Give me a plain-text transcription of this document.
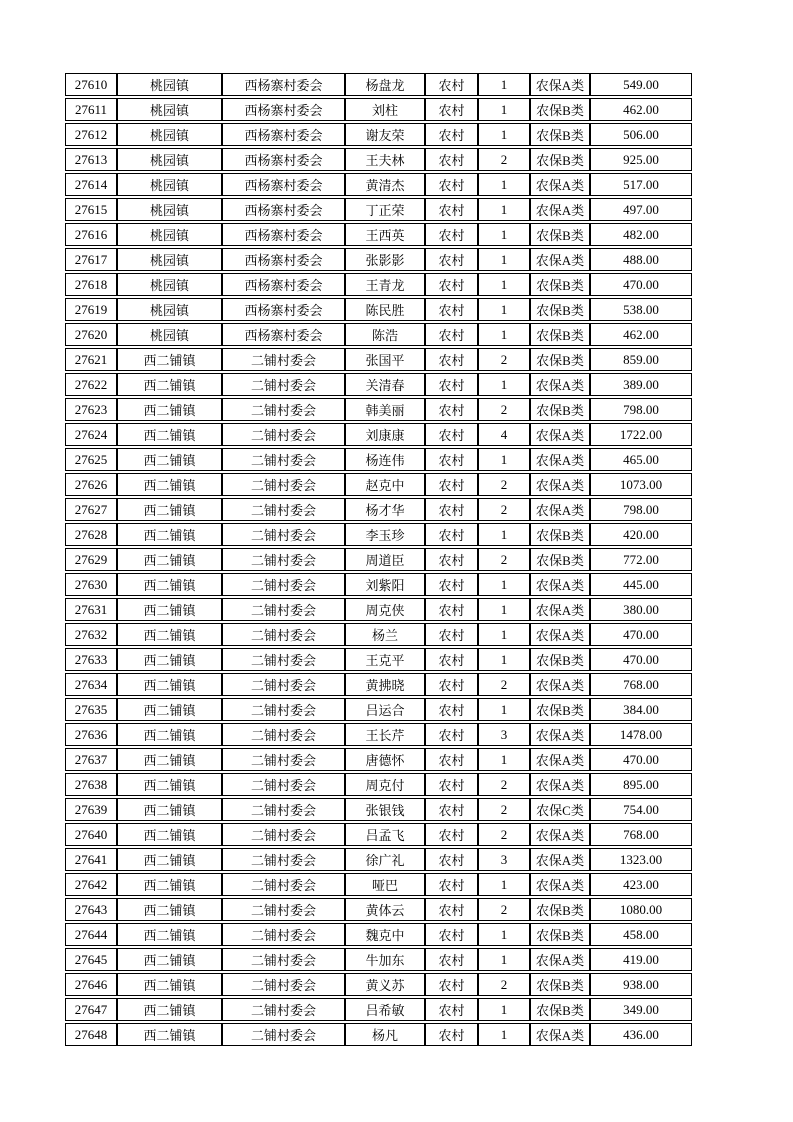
27610	桃园镇	西杨寨村委会	杨盘龙	农村	1	农保A类	549.00
27611	桃园镇	西杨寨村委会	刘柱	农村	1	农保B类	462.00
27612	桃园镇	西杨寨村委会	谢友荣	农村	1	农保B类	506.00
27613	桃园镇	西杨寨村委会	王夫林	农村	2	农保B类	925.00
27614	桃园镇	西杨寨村委会	黄清杰	农村	1	农保A类	517.00
27615	桃园镇	西杨寨村委会	丁正荣	农村	1	农保A类	497.00
27616	桃园镇	西杨寨村委会	王西英	农村	1	农保B类	482.00
27617	桃园镇	西杨寨村委会	张影影	农村	1	农保A类	488.00
27618	桃园镇	西杨寨村委会	王青龙	农村	1	农保B类	470.00
27619	桃园镇	西杨寨村委会	陈民胜	农村	1	农保B类	538.00
27620	桃园镇	西杨寨村委会	陈浩	农村	1	农保B类	462.00
27621	西二铺镇	二铺村委会	张国平	农村	2	农保B类	859.00
27622	西二铺镇	二铺村委会	关清春	农村	1	农保A类	389.00
27623	西二铺镇	二铺村委会	韩美丽	农村	2	农保B类	798.00
27624	西二铺镇	二铺村委会	刘康康	农村	4	农保A类	1722.00
27625	西二铺镇	二铺村委会	杨连伟	农村	1	农保A类	465.00
27626	西二铺镇	二铺村委会	赵克中	农村	2	农保A类	1073.00
27627	西二铺镇	二铺村委会	杨才华	农村	2	农保A类	798.00
27628	西二铺镇	二铺村委会	李玉珍	农村	1	农保B类	420.00
27629	西二铺镇	二铺村委会	周道臣	农村	2	农保B类	772.00
27630	西二铺镇	二铺村委会	刘紫阳	农村	1	农保A类	445.00
27631	西二铺镇	二铺村委会	周克侠	农村	1	农保A类	380.00
27632	西二铺镇	二铺村委会	杨兰	农村	1	农保A类	470.00
27633	西二铺镇	二铺村委会	王克平	农村	1	农保B类	470.00
27634	西二铺镇	二铺村委会	黄拂晓	农村	2	农保A类	768.00
27635	西二铺镇	二铺村委会	吕运合	农村	1	农保B类	384.00
27636	西二铺镇	二铺村委会	王长芹	农村	3	农保A类	1478.00
27637	西二铺镇	二铺村委会	唐德怀	农村	1	农保A类	470.00
27638	西二铺镇	二铺村委会	周克付	农村	2	农保A类	895.00
27639	西二铺镇	二铺村委会	张银钱	农村	2	农保C类	754.00
27640	西二铺镇	二铺村委会	吕孟飞	农村	2	农保A类	768.00
27641	西二铺镇	二铺村委会	徐广礼	农村	3	农保A类	1323.00
27642	西二铺镇	二铺村委会	哑巴	农村	1	农保A类	423.00
27643	西二铺镇	二铺村委会	黄体云	农村	2	农保B类	1080.00
27644	西二铺镇	二铺村委会	魏克中	农村	1	农保B类	458.00
27645	西二铺镇	二铺村委会	牛加东	农村	1	农保A类	419.00
27646	西二铺镇	二铺村委会	黄义苏	农村	2	农保B类	938.00
27647	西二铺镇	二铺村委会	吕希敏	农村	1	农保B类	349.00
27648	西二铺镇	二铺村委会	杨凡	农村	1	农保A类	436.00
